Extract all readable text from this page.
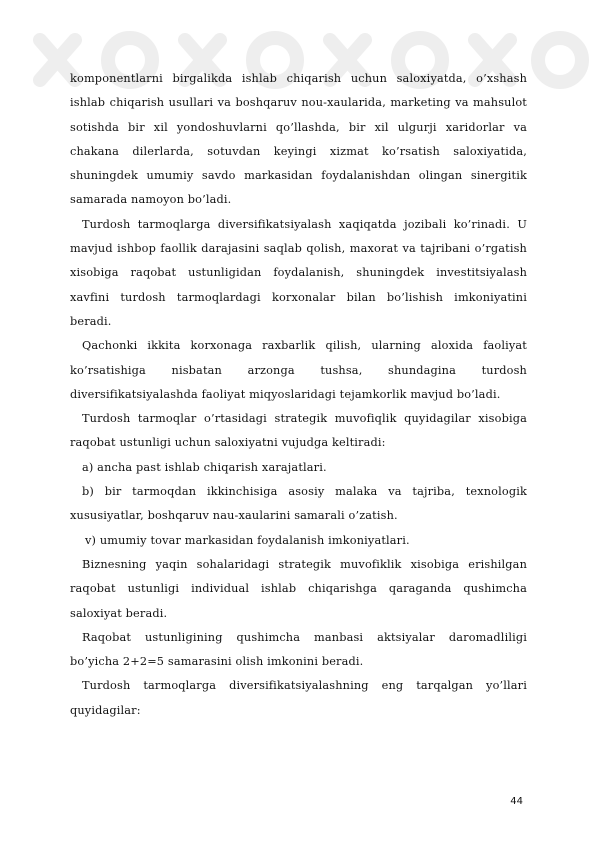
komponentlarni birgalikda ishlab chiqarish uchun saloxiyatda, o’xshash ishlab chiqarish usullari va boshqaruv nou-xaularida, marketing va mahsulot sotishda bir xil yondoshuvlarni qo’llashda, bir xil ulgurji xaridorlar va chakana dilerlarda, sotuvdan keyingi xizmat ko’rsatish saloxiyatida, shuningdek umumiy savdo markasidan foydalanishdan olingan sinergitik samarada namoyon bo’ladi.

Turdosh tarmoqlarga diversifikatsiyalash xaqiqatda jozibali ko’rinadi. U mavjud ishbop faollik darajasini saqlab qolish, maxorat va tajribani o’rgatish xisobiga raqobat ustunligidan foydalanish, shuningdek investitsiyalash xavfini turdosh tarmoqlardagi korxonalar bilan bo’lishish imkoniyatini beradi.

Qachonki ikkita korxonaga raxbarlik qilish, ularning aloxida faoliyat ko’rsatishiga nisbatan arzonga tushsa, shundagina turdosh diversifikatsiyalashda faoliyat miqyoslaridagi tejamkorlik mavjud bo’ladi.

Turdosh tarmoqlar o’rtasidagi strategik muvofiqlik quyidagilar xisobiga raqobat ustunligi uchun saloxiyatni vujudga keltiradi:

a) ancha past ishlab chiqarish xarajatlari.

b) bir tarmoqdan ikkinchisiga asosiy malaka va tajriba, texnologik xususiyatlar, boshqaruv nau-xaularini samarali o’zatish.

v) umumiy tovar markasidan foydalanish imkoniyatlari.

Biznesning yaqin sohalaridagi strategik muvofiklik xisobiga erishilgan raqobat ustunligi individual ishlab chiqarishga qaraganda qushimcha saloxiyat beradi.

Raqobat ustunligining qushimcha manbasi aktsiyalar daromadliligi bo’yicha 2+2=5 samarasini olish imkonini beradi.

Turdosh tarmoqlarga diversifikatsiyalashning eng tarqalgan yo’llari quyidagilar:

44
